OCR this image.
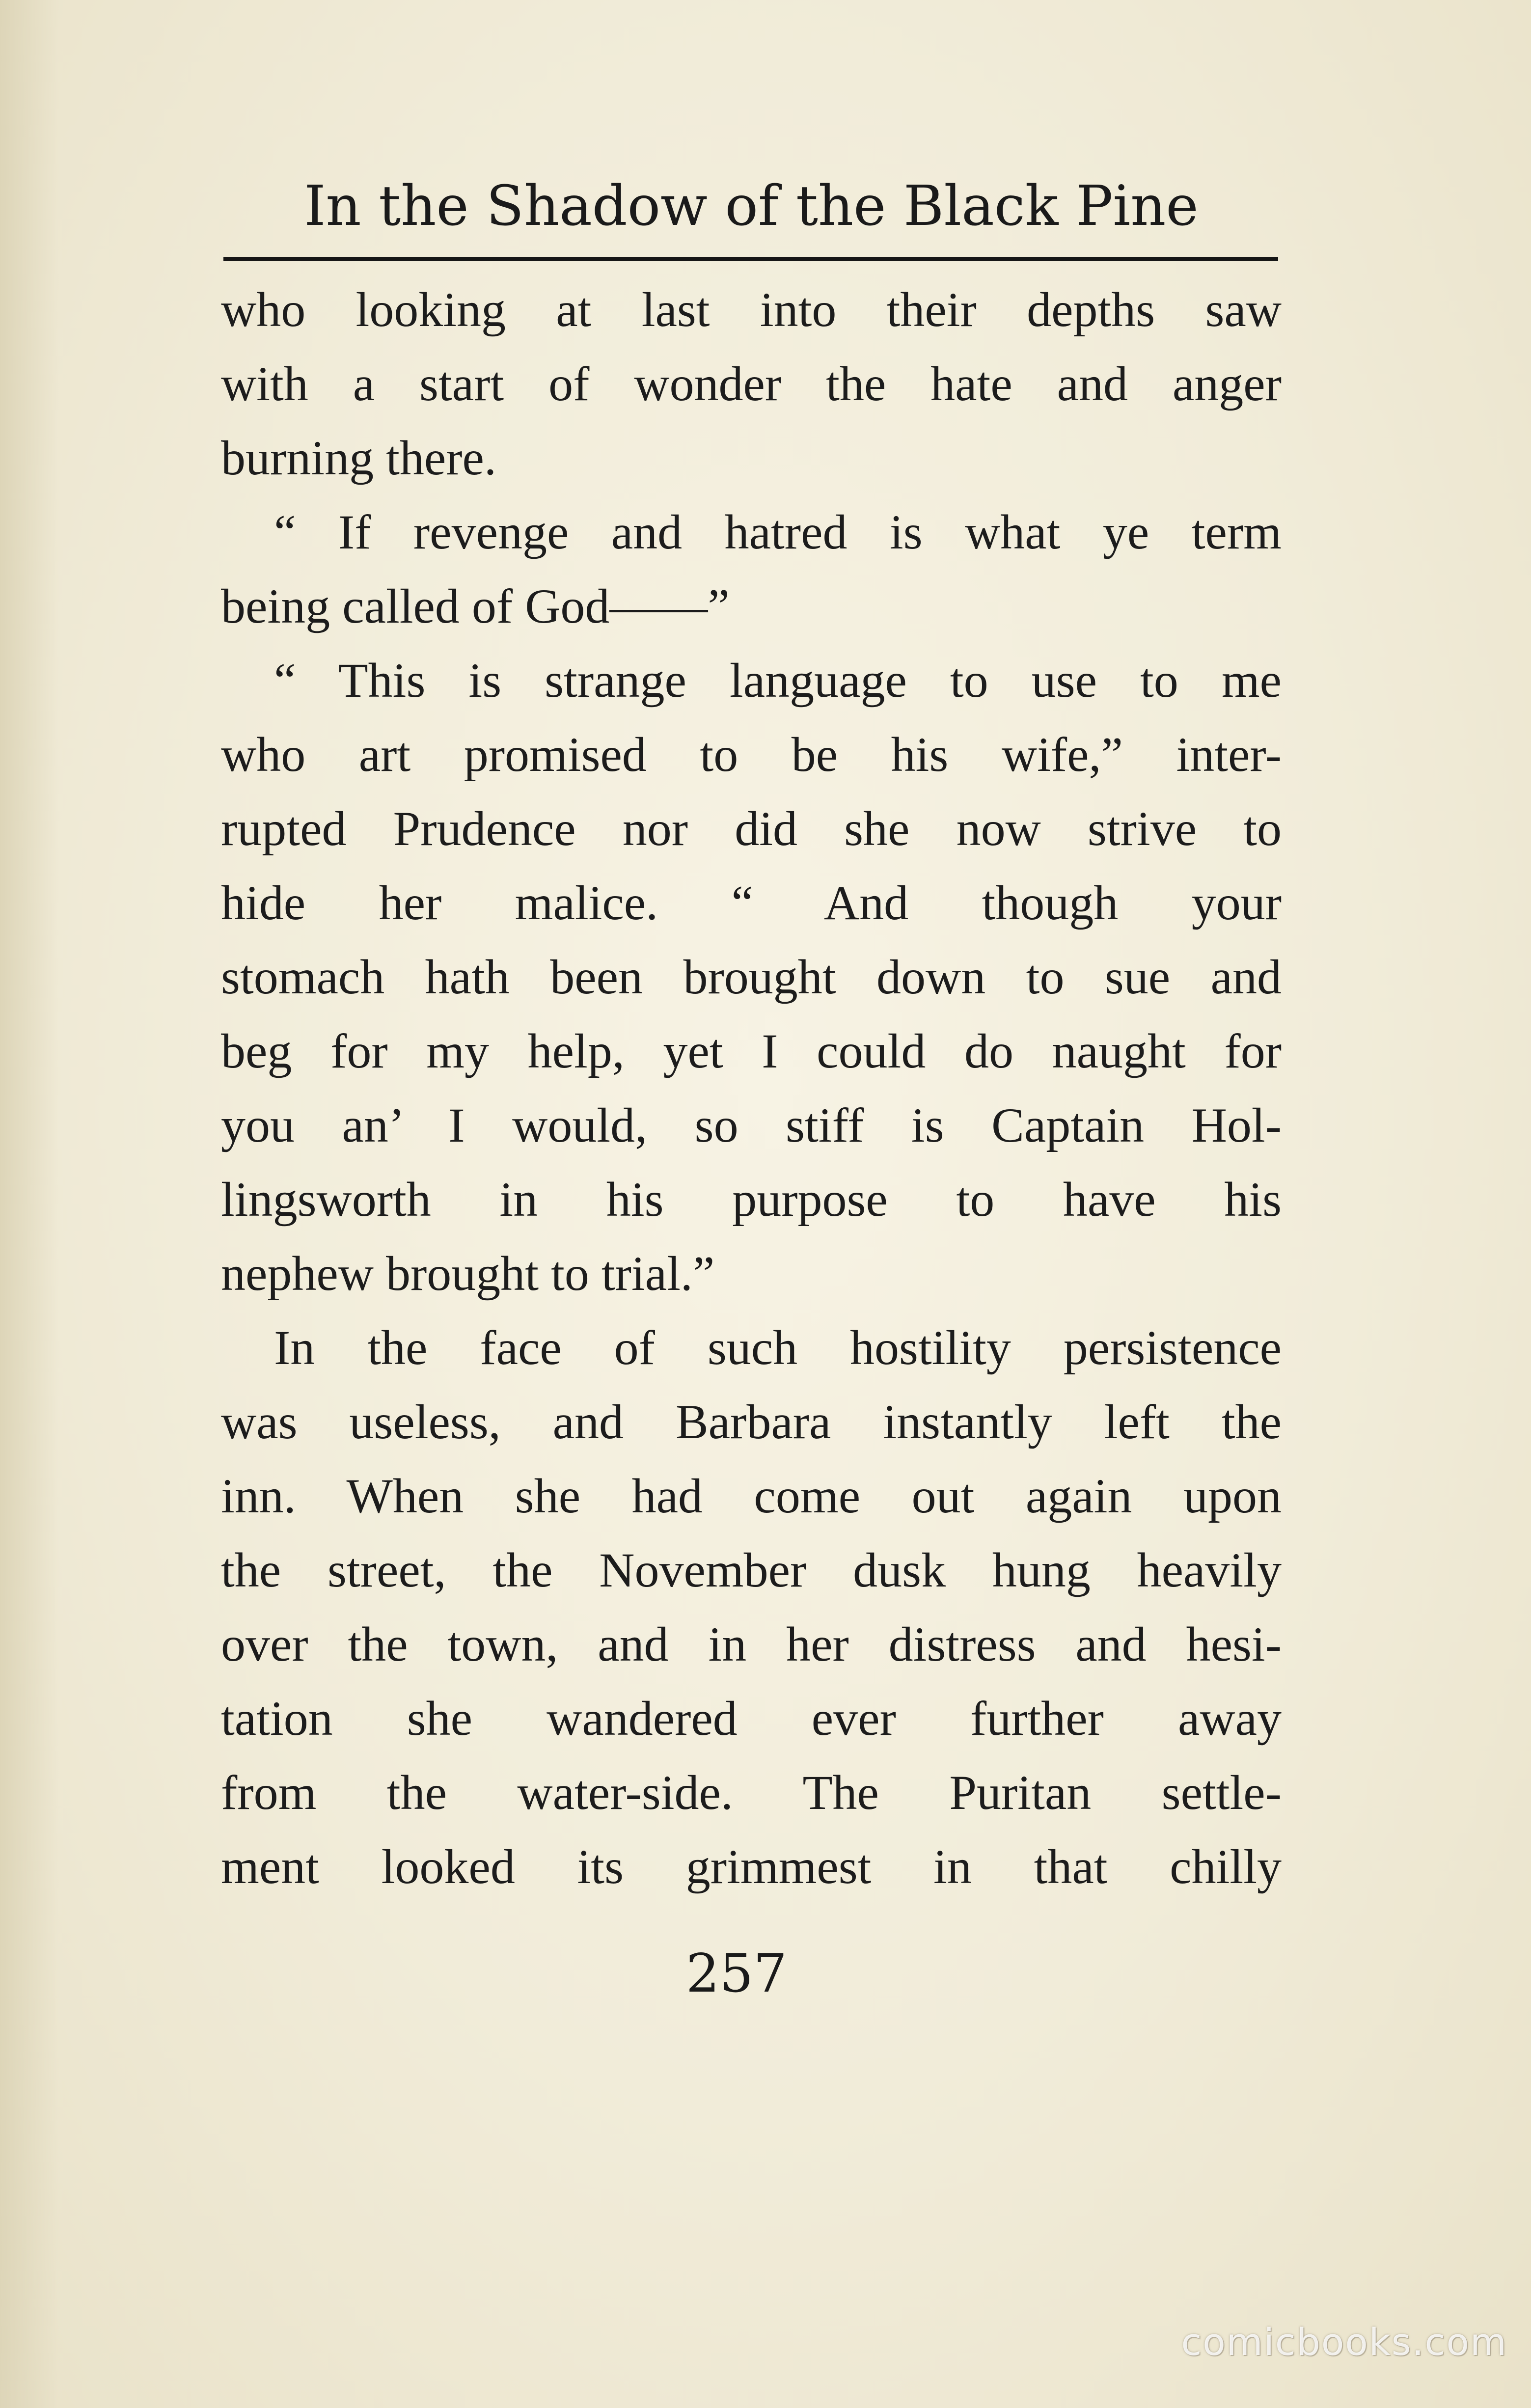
In the Shadow of the Black Pine
who looking at last into their depths saw
with a start of wonder the hate and anger
burning there.
“ If revenge and hatred is what ye term
being called of God——”
“ This is strange language to use to me
who art promised to be his wife,” inter-
rupted Prudence nor did she now strive to
hide her malice. “ And though your
stomach hath been brought down to sue and
beg for my help, yet I could do naught for
you an’ I would, so stiff is Captain Hol-
lingsworth in his purpose to have his
nephew brought to trial.”
In the face of such hostility persistence
was useless, and Barbara instantly left the
inn. When she had come out again upon
the street, the November dusk hung heavily
over the town, and in her distress and hesi-
tation she wandered ever further away
from the water-side. The Puritan settle-
ment looked its grimmest in that chilly
257
comicbooks.com
